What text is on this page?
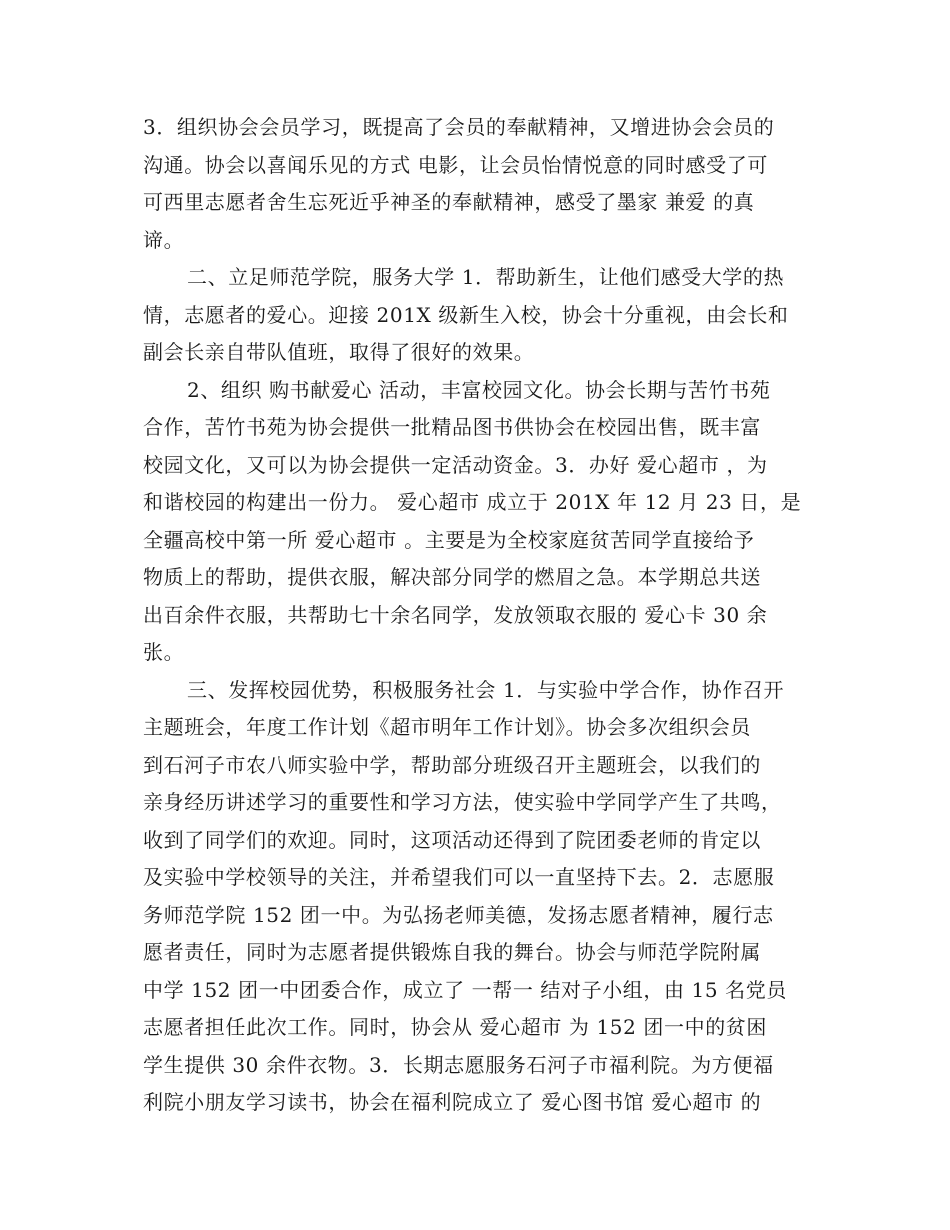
3．组织协会会员学习，既提高了会员的奉献精神，又增进协会会员的
沟通。协会以喜闻乐见的方式 电影，让会员怡情悦意的同时感受了可
可西里志愿者舍生忘死近乎神圣的奉献精神，感受了墨家 兼爱 的真
谛。
二、立足师范学院，服务大学 1．帮助新生，让他们感受大学的热
情，志愿者的爱心。迎接 201X 级新生入校，协会十分重视，由会长和
副会长亲自带队值班，取得了很好的效果。
2、组织 购书献爱心 活动，丰富校园文化。协会长期与苦竹书苑
合作，苦竹书苑为协会提供一批精品图书供协会在校园出售，既丰富
校园文化，又可以为协会提供一定活动资金。3．办好 爱心超市 ，为
和谐校园的构建出一份力。 爱心超市 成立于 201X 年 12 月 23 日，是
全疆高校中第一所 爱心超市 。主要是为全校家庭贫苦同学直接给予
物质上的帮助，提供衣服，解决部分同学的燃眉之急。本学期总共送
出百余件衣服，共帮助七十余名同学，发放领取衣服的 爱心卡 30 余
张。
三、发挥校园优势，积极服务社会 1．与实验中学合作，协作召开
主题班会，年度工作计划《超市明年工作计划》。协会多次组织会员
到石河子市农八师实验中学，帮助部分班级召开主题班会，以我们的
亲身经历讲述学习的重要性和学习方法，使实验中学同学产生了共鸣，
收到了同学们的欢迎。同时，这项活动还得到了院团委老师的肯定以
及实验中学校领导的关注，并希望我们可以一直坚持下去。2．志愿服
务师范学院 152 团一中。为弘扬老师美德，发扬志愿者精神，履行志
愿者责任，同时为志愿者提供锻炼自我的舞台。协会与师范学院附属
中学 152 团一中团委合作，成立了 一帮一 结对子小组，由 15 名党员
志愿者担任此次工作。同时，协会从 爱心超市 为 152 团一中的贫困
学生提供 30 余件衣物。3．长期志愿服务石河子市福利院。为方便福
利院小朋友学习读书，协会在福利院成立了 爱心图书馆 爱心超市 的
